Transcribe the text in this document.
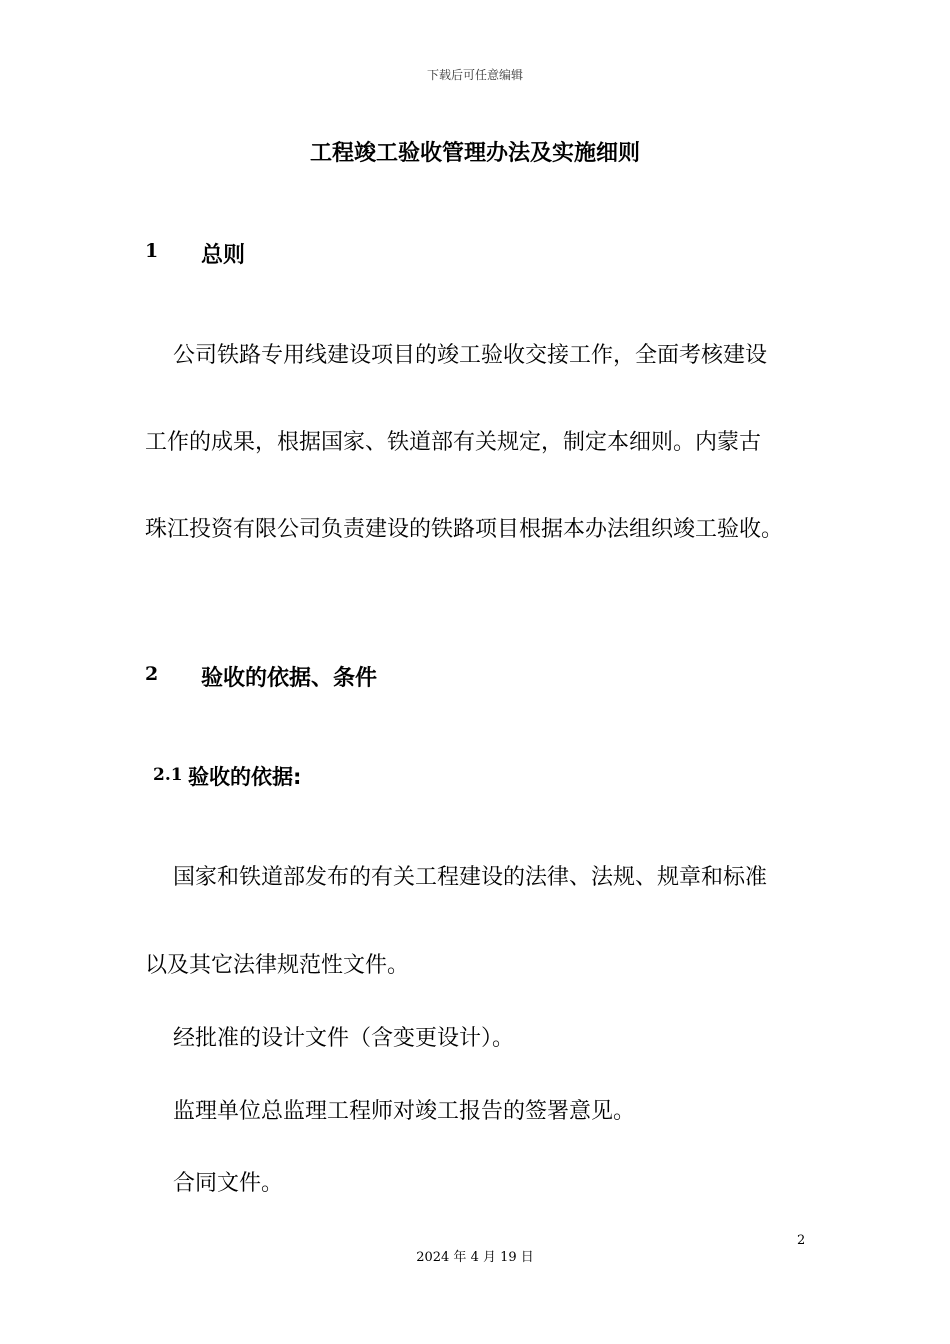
下载后可任意编辑
工程竣工验收管理办法及实施细则
1 总则
公司铁路专用线建设项目的竣工验收交接工作，全面考核建设
工作的成果，根据国家、铁道部有关规定，制定本细则。内蒙古
珠江投资有限公司负责建设的铁路项目根据本办法组织竣工验收。
2 验收的依据、条件
2.1 验收的依据:
国家和铁道部发布的有关工程建设的法律、法规、规章和标准
以及其它法律规范性文件。
经批准的设计文件（含变更设计）。
监理单位总监理工程师对竣工报告的签署意见。
合同文件。
2
2024 年 4 月 19 日
